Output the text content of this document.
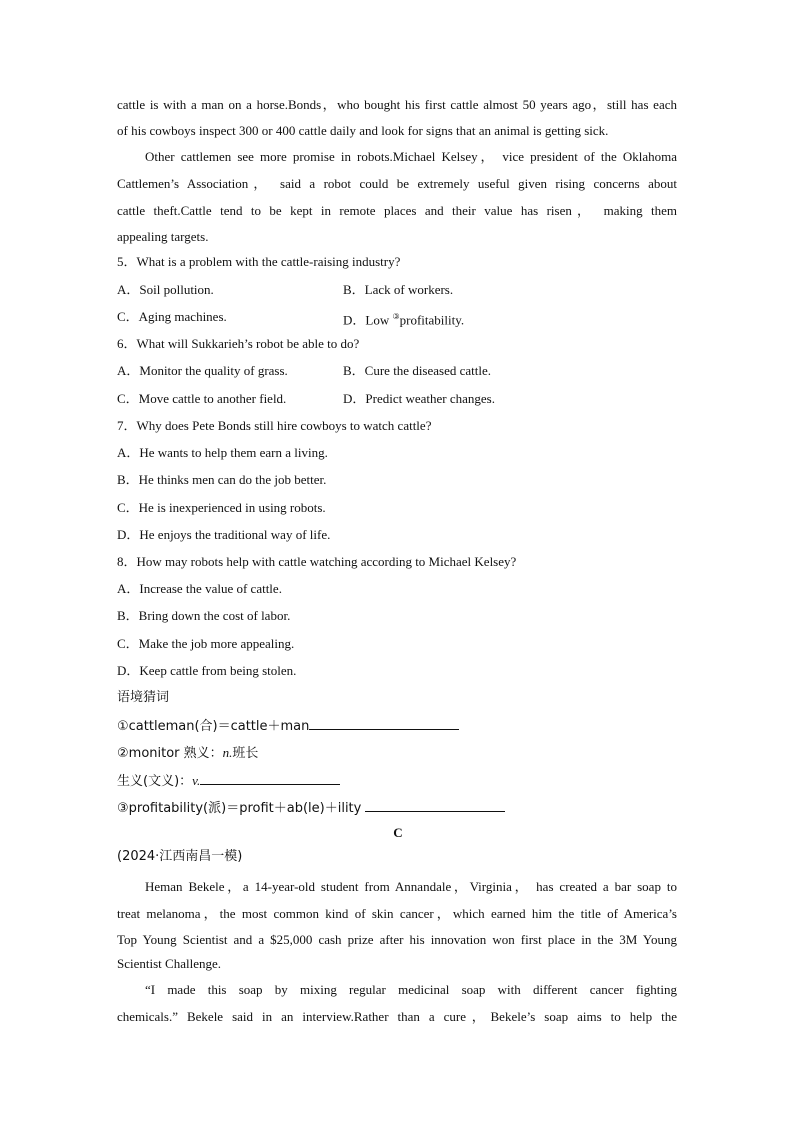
cattle is with a man on a horse.Bonds，who bought his first cattle almost 50 years ago，still has each
of his cowboys inspect 300 or 400 cattle daily and look for signs that an animal is getting sick.
Other cattlemen see more promise in robots.Michael Kelsey， vice president of the Oklahoma
Cattlemen’s Association， said a robot could be extremely useful given rising concerns about
cattle theft.Cattle tend to be kept in remote places and their value has risen， making them
appealing targets.
5．What is a problem with the cattle-raising industry?
A．Soil pollution.	B．Lack of workers.
C．Aging machines.	D．Low ③profitability.
6．What will Sukkarieh’s robot be able to do?
A．Monitor the quality of grass.	B．Cure the diseased cattle.
C．Move cattle to another field.	D．Predict weather changes.
7．Why does Pete Bonds still hire cowboys to watch cattle?
A．He wants to help them earn a living.
B．He thinks men can do the job better.
C．He is inexperienced in using robots.
D．He enjoys the traditional way of life.
8．How may robots help with cattle watching according to Michael Kelsey?
A．Increase the value of cattle.
B．Bring down the cost of labor.
C．Make the job more appealing.
D．Keep cattle from being stolen.
语境猜词
①cattleman(合)＝cattle＋man
②monitor 熟义：n.班长
生义(文义)：v.
③profitability(派)＝profit＋ab(le)＋ility
C
(2024·江西南昌一模)
Heman Bekele，a 14-year-old student from Annandale，Virginia， has created a bar soap to
treat melanoma，the most common kind of skin cancer，which earned him the title of America’s
Top Young Scientist and a $25,000 cash prize after his innovation won first place in the 3M Young
Scientist Challenge.
“I made this soap by mixing regular medicinal soap with different cancer fighting
chemicals.” Bekele said in an interview.Rather than a cure，Bekele’s soap aims to help the
